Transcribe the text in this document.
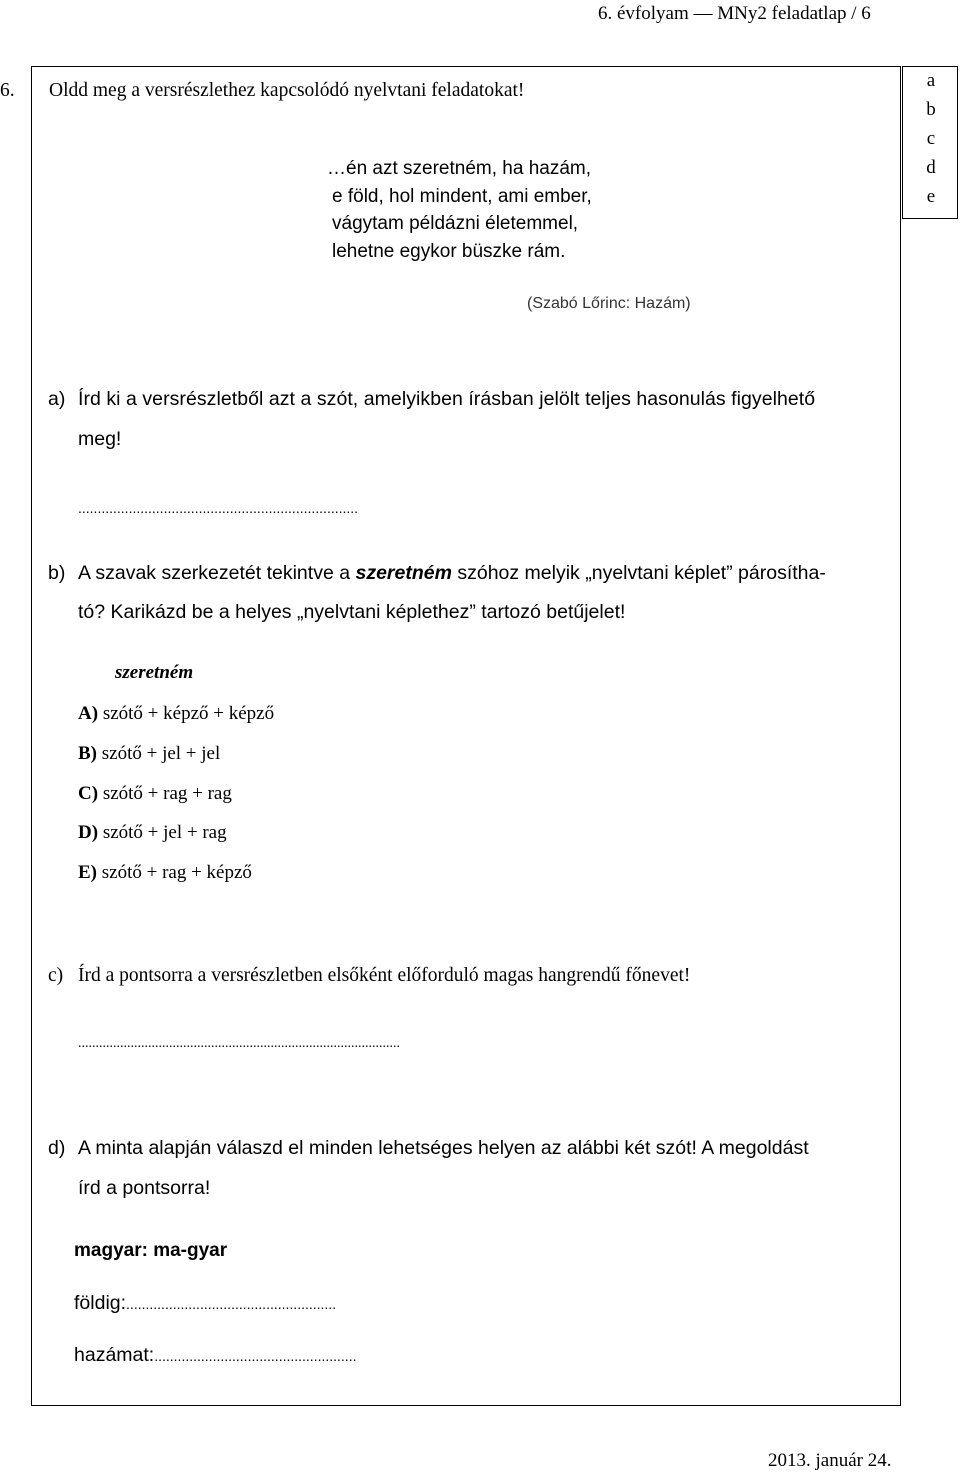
6. évfolyam — MNy2 feladatlap / 6
6. Oldd meg a versrészlethez kapcsolódó nyelvtani feladatokat!	a
b
c
d
e
…én azt szeretném, ha hazám,
e föld, hol mindent, ami ember,
vágytam példázni életemmel,
lehetne egykor büszke rám.
(Szabó Lőrinc: Hazám)
a) Írd ki a versrészletből azt a szót, amelyikben írásban jelölt teljes hasonulás figyelhető
meg!
........................................................................
b) A szavak szerkezetét tekintve a szeretném szóhoz melyik „nyelvtani képlet” párosítha-
tó? Karikázd be a helyes „nyelvtani képlethez” tartozó betűjelet!
szeretném
A) szótő + képző + képző
B) szótő + jel + jel
C) szótő + rag + rag
D) szótő + jel + rag
E) szótő + rag + képző
c) Írd a pontsorra a versrészletben elsőként előforduló magas hangrendű főnevet!
............................................................................................
d) A minta alapján válaszd el minden lehetséges helyen az alábbi két szót! A megoldást
írd a pontsorra!
magyar: ma-gyar
földig:......................................................
hazámat:....................................................
2013. január 24.
